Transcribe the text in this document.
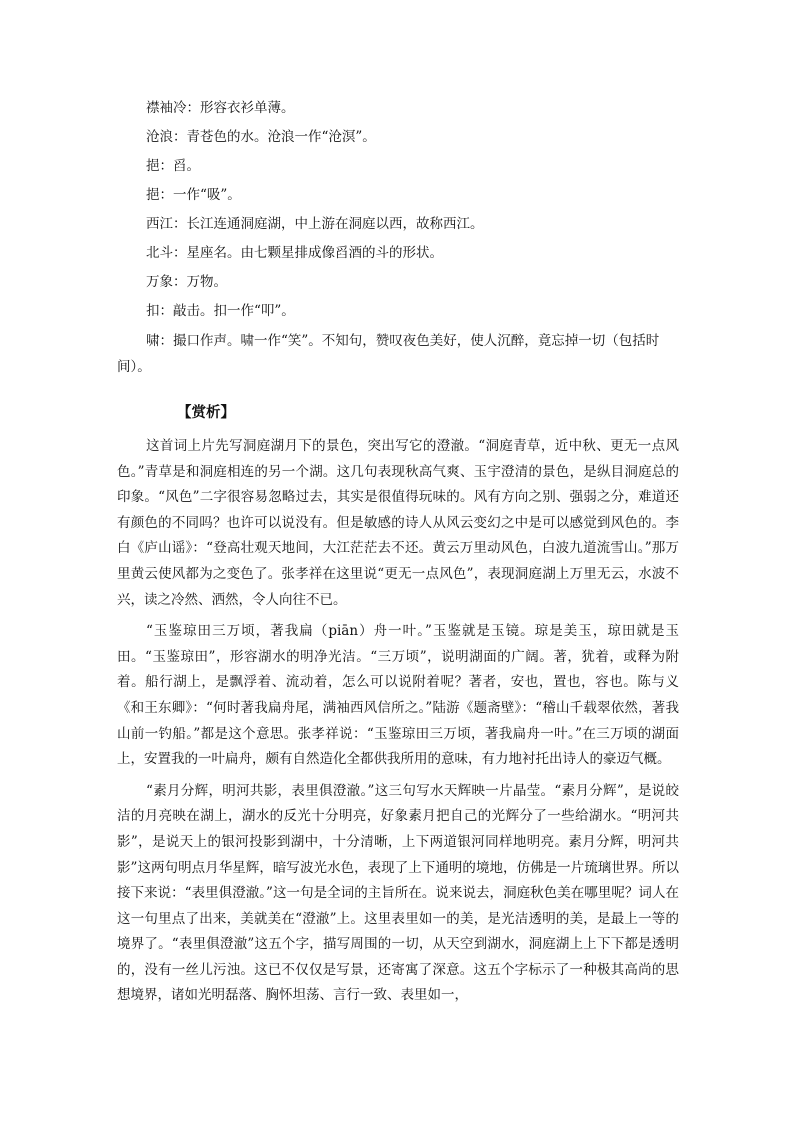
襟袖冷：形容衣衫单薄。

沧浪：青苍色的水。沧浪一作“沧溟”。

挹：舀。

挹：一作“吸”。

西江：长江连通洞庭湖，中上游在洞庭以西，故称西江。

北斗：星座名。由七颗星排成像舀酒的斗的形状。

万象：万物。

扣：敲击。扣一作“叩”。

啸：撮口作声。啸一作“笑”。不知句，赞叹夜色美好，使人沉醉，竟忘掉一切（包括时间）。

【赏析】

这首词上片先写洞庭湖月下的景色，突出写它的澄澈。“洞庭青草，近中秋、更无一点风色。”青草是和洞庭相连的另一个湖。这几句表现秋高气爽、玉宇澄清的景色，是纵目洞庭总的印象。“风色”二字很容易忽略过去，其实是很值得玩味的。风有方向之别、强弱之分，难道还有颜色的不同吗？也许可以说没有。但是敏感的诗人从风云变幻之中是可以感觉到风色的。李白《庐山谣》：“登高壮观天地间，大江茫茫去不还。黄云万里动风色，白波九道流雪山。”那万里黄云使风都为之变色了。张孝祥在这里说“更无一点风色”，表现洞庭湖上万里无云，水波不兴，读之冷然、洒然，令人向往不已。

“玉鉴琼田三万顷，著我扁（piān）舟一叶。”玉鉴就是玉镜。琼是美玉，琼田就是玉田。“玉鉴琼田”，形容湖水的明净光洁。“三万顷”，说明湖面的广阔。著，犹着，或释为附着。船行湖上，是飘浮着、流动着，怎么可以说附着呢？著者，安也，置也，容也。陈与义《和王东卿》：“何时著我扁舟尾，满袖西风信所之。”陆游《题斋壁》：“稽山千载翠依然，著我山前一钓船。”都是这个意思。张孝祥说：“玉鉴琼田三万顷，著我扁舟一叶。”在三万顷的湖面上，安置我的一叶扁舟，颇有自然造化全都供我所用的意味，有力地衬托出诗人的豪迈气概。

“素月分辉，明河共影，表里俱澄澈。”这三句写水天辉映一片晶莹。“素月分辉”，是说皎洁的月亮映在湖上，湖水的反光十分明亮，好象素月把自己的光辉分了一些给湖水。“明河共影”，是说天上的银河投影到湖中，十分清晰，上下两道银河同样地明亮。素月分辉，明河共影”这两句明点月华星辉，暗写波光水色，表现了上下通明的境地，仿佛是一片琉璃世界。所以接下来说：“表里俱澄澈。”这一句是全词的主旨所在。说来说去，洞庭秋色美在哪里呢？词人在这一句里点了出来，美就美在“澄澈”上。这里表里如一的美，是光洁透明的美，是最上一等的境界了。“表里俱澄澈”这五个字，描写周围的一切，从天空到湖水，洞庭湖上上下下都是透明的，没有一丝儿污浊。这已不仅仅是写景，还寄寓了深意。这五个字标示了一种极其高尚的思想境界，诸如光明磊落、胸怀坦荡、言行一致、表里如一，
